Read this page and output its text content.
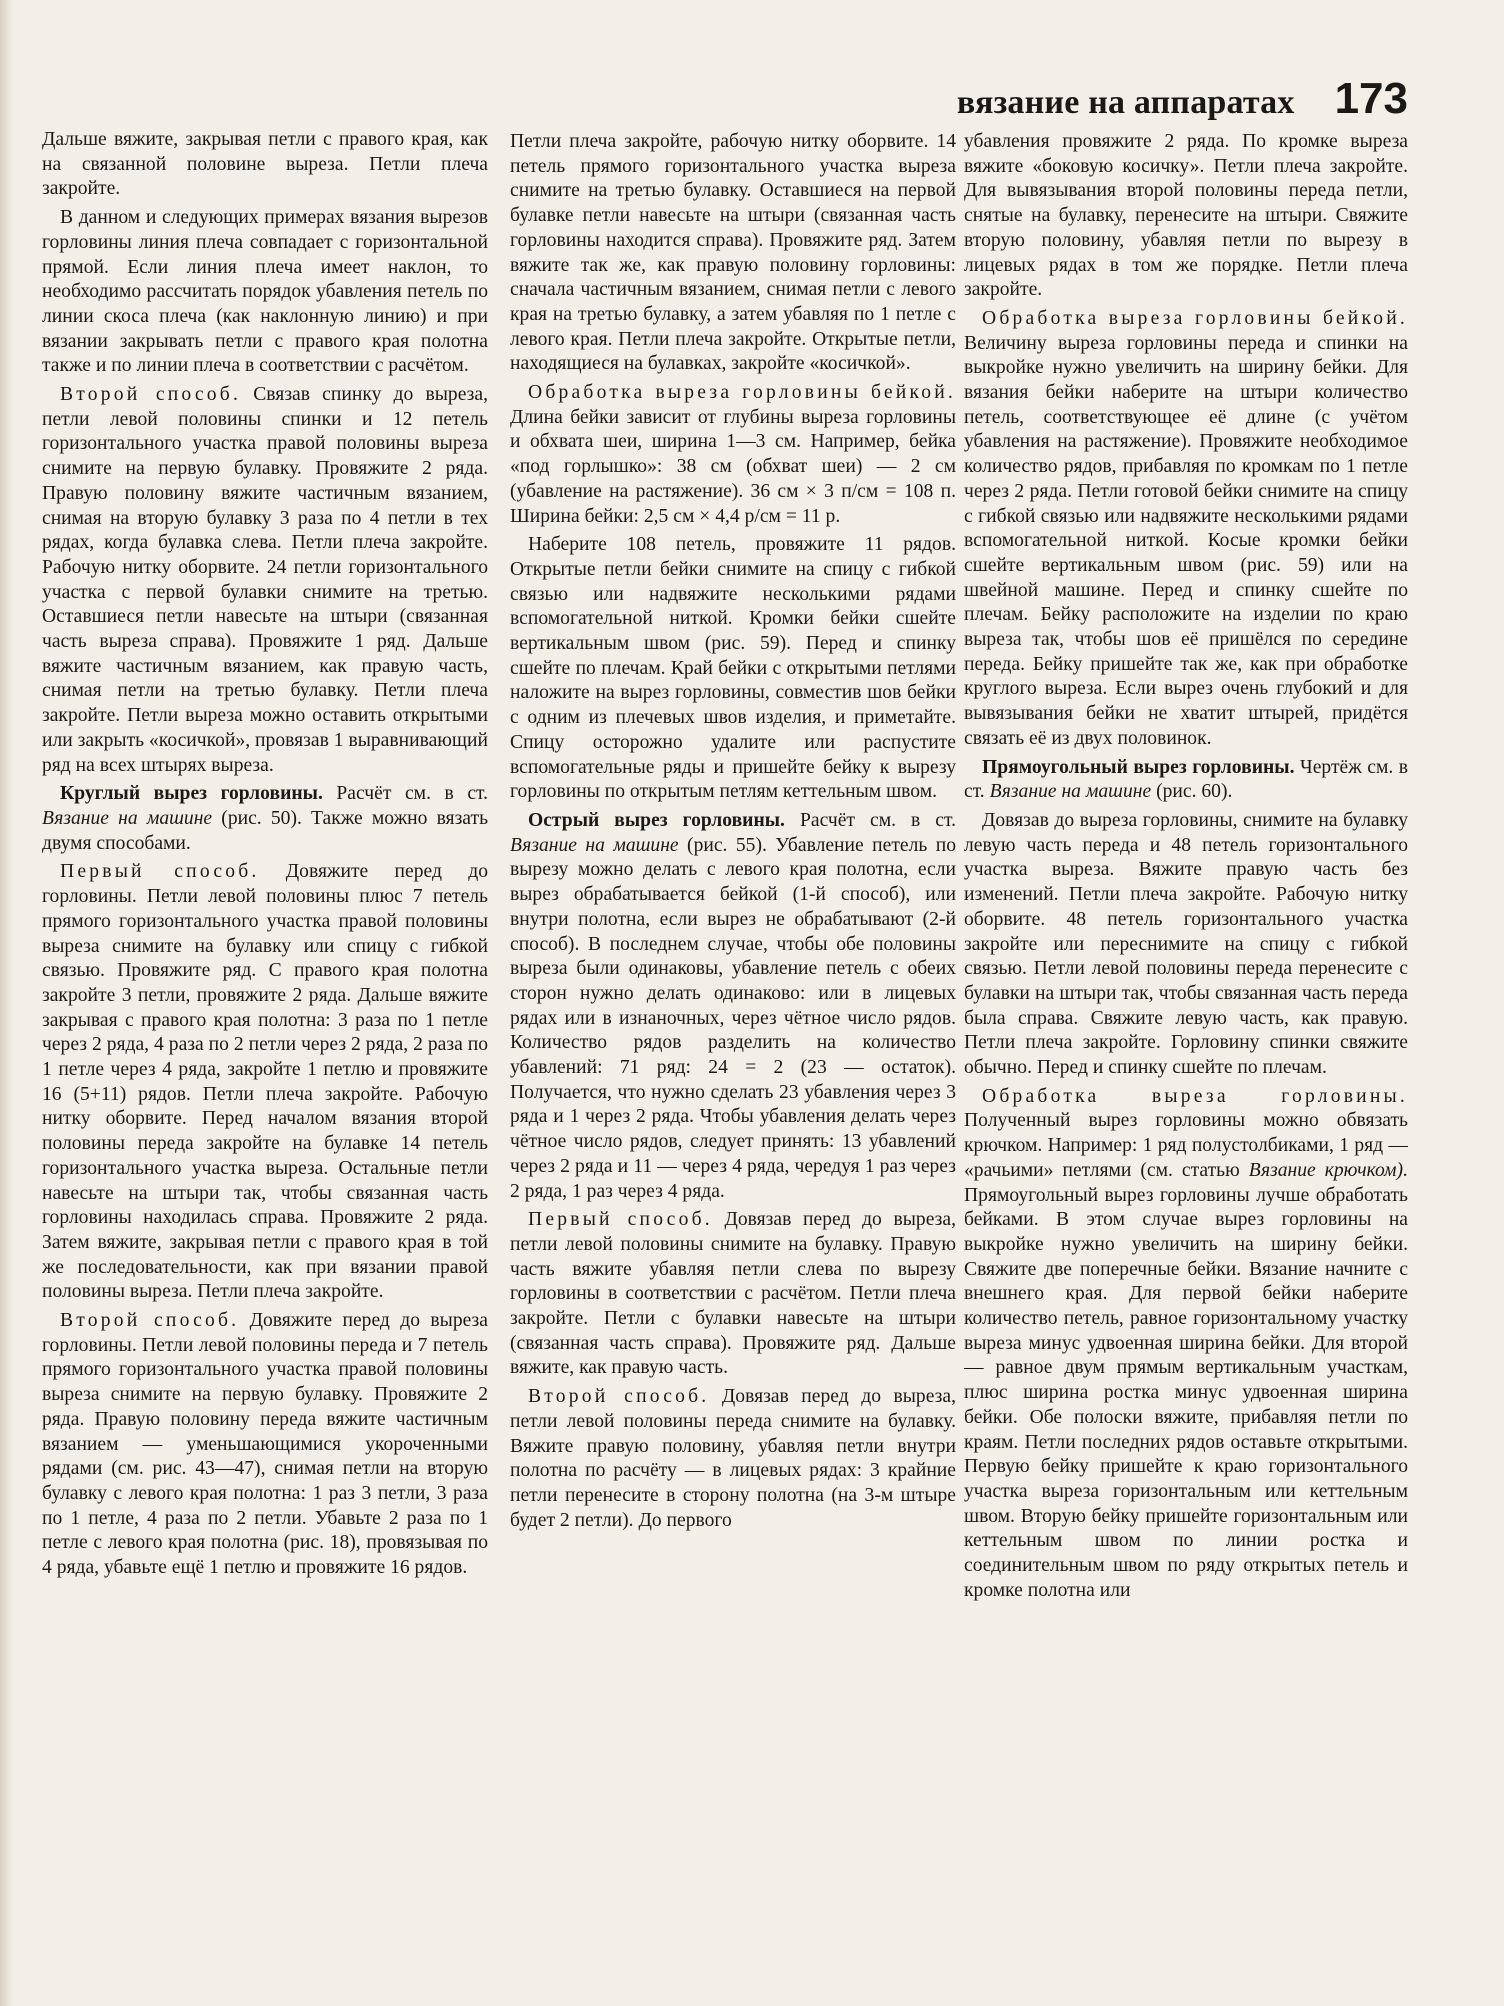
вязание на аппаратах 173

Дальше вяжите, закрывая петли с правого края, как на связанной половине выреза. Петли плеча закройте.

В данном и следующих примерах вязания вырезов горловины линия плеча совпадает с горизонтальной прямой. Если линия плеча имеет наклон, то необходимо рассчитать порядок убавления петель по линии скоса плеча (как наклонную линию) и при вязании закрывать петли с правого края полотна также и по линии плеча в соответствии с расчётом.

Второй способ. Связав спинку до выреза, петли левой половины спинки и 12 петель горизонтального участка правой половины выреза снимите на первую булавку. Провяжите 2 ряда. Правую половину вяжите частичным вязанием, снимая на вторую булавку 3 раза по 4 петли в тех рядах, когда булавка слева. Петли плеча закройте. Рабочую нитку оборвите. 24 петли горизонтального участка с первой булавки снимите на третью. Оставшиеся петли навесьте на штыри (связанная часть выреза справа). Провяжите 1 ряд. Дальше вяжите частичным вязанием, как правую часть, снимая петли на третью булавку. Петли плеча закройте. Петли выреза можно оставить открытыми или закрыть «косичкой», провязав 1 выравнивающий ряд на всех штырях выреза.

Круглый вырез горловины. Расчёт см. в ст. Вязание на машине (рис. 50). Также можно вязать двумя способами.

Первый способ. Довяжите перед до горловины. Петли левой половины плюс 7 петель прямого горизонтального участка правой половины выреза снимите на булавку или спицу с гибкой связью. Провяжите ряд. С правого края полотна закройте 3 петли, провяжите 2 ряда. Дальше вяжите закрывая с правого края полотна: 3 раза по 1 петле через 2 ряда, 4 раза по 2 петли через 2 ряда, 2 раза по 1 петле через 4 ряда, закройте 1 петлю и провяжите 16 (5+11) рядов. Петли плеча закройте. Рабочую нитку оборвите. Перед началом вязания второй половины переда закройте на булавке 14 петель горизонтального участка выреза. Остальные петли навесьте на штыри так, чтобы связанная часть горловины находилась справа. Провяжите 2 ряда. Затем вяжите, закрывая петли с правого края в той же последовательности, как при вязании правой половины выреза. Петли плеча закройте.

Второй способ. Довяжите перед до выреза горловины. Петли левой половины переда и 7 петель прямого горизонтального участка правой половины выреза снимите на первую булавку. Провяжите 2 ряда. Правую половину переда вяжите частичным вязанием — уменьшающимися укороченными рядами (см. рис. 43—47), снимая петли на вторую булавку с левого края полотна: 1 раз 3 петли, 3 раза по 1 петле, 4 раза по 2 петли. Убавьте 2 раза по 1 петле с левого края полотна (рис. 18), провязывая по 4 ряда, убавьте ещё 1 петлю и провяжите 16 рядов.

Петли плеча закройте, рабочую нитку оборвите. 14 петель прямого горизонтального участка выреза снимите на третью булавку. Оставшиеся на первой булавке петли навесьте на штыри (связанная часть горловины находится справа). Провяжите ряд. Затем вяжите так же, как правую половину горловины: сначала частичным вязанием, снимая петли с левого края на третью булавку, а затем убавляя по 1 петле с левого края. Петли плеча закройте. Открытые петли, находящиеся на булавках, закройте «косичкой».

Обработка выреза горловины бейкой. Длина бейки зависит от глубины выреза горловины и обхвата шеи, ширина 1—3 см. Например, бейка «под горлышко»: 38 см (обхват шеи) — 2 см (убавление на растяжение). 36 см × 3 п/см = 108 п. Ширина бейки: 2,5 см × 4,4 р/см = 11 р.

Наберите 108 петель, провяжите 11 рядов. Открытые петли бейки снимите на спицу с гибкой связью или надвяжите несколькими рядами вспомогательной ниткой. Кромки бейки сшейте вертикальным швом (рис. 59). Перед и спинку сшейте по плечам. Край бейки с открытыми петлями наложите на вырез горловины, совместив шов бейки с одним из плечевых швов изделия, и приметайте. Спицу осторожно удалите или распустите вспомогательные ряды и пришейте бейку к вырезу горловины по открытым петлям кеттельным швом.

Острый вырез горловины. Расчёт см. в ст. Вязание на машине (рис. 55). Убавление петель по вырезу можно делать с левого края полотна, если вырез обрабатывается бейкой (1-й способ), или внутри полотна, если вырез не обрабатывают (2-й способ). В последнем случае, чтобы обе половины выреза были одинаковы, убавление петель с обеих сторон нужно делать одинаково: или в лицевых рядах или в изнаночных, через чётное число рядов. Количество рядов разделить на количество убавлений: 71 ряд: 24 = 2 (23 — остаток). Получается, что нужно сделать 23 убавления через 3 ряда и 1 через 2 ряда. Чтобы убавления делать через чётное число рядов, следует принять: 13 убавлений через 2 ряда и 11 — через 4 ряда, чередуя 1 раз через 2 ряда, 1 раз через 4 ряда.

Первый способ. Довязав перед до выреза, петли левой половины снимите на булавку. Правую часть вяжите убавляя петли слева по вырезу горловины в соответствии с расчётом. Петли плеча закройте. Петли с булавки навесьте на штыри (связанная часть справа). Провяжите ряд. Дальше вяжите, как правую часть.

Второй способ. Довязав перед до выреза, петли левой половины переда снимите на булавку. Вяжите правую половину, убавляя петли внутри полотна по расчёту — в лицевых рядах: 3 крайние петли перенесите в сторону полотна (на 3-м штыре будет 2 петли). До первого

убавления провяжите 2 ряда. По кромке выреза вяжите «боковую косичку». Петли плеча закройте. Для вывязывания второй половины переда петли, снятые на булавку, перенесите на штыри. Свяжите вторую половину, убавляя петли по вырезу в лицевых рядах в том же порядке. Петли плеча закройте.

Обработка выреза горловины бейкой. Величину выреза горловины переда и спинки на выкройке нужно увеличить на ширину бейки. Для вязания бейки наберите на штыри количество петель, соответствующее её длине (с учётом убавления на растяжение). Провяжите необходимое количество рядов, прибавляя по кромкам по 1 петле через 2 ряда. Петли готовой бейки снимите на спицу с гибкой связью или надвяжите несколькими рядами вспомогательной ниткой. Косые кромки бейки сшейте вертикальным швом (рис. 59) или на швейной машине. Перед и спинку сшейте по плечам. Бейку расположите на изделии по краю выреза так, чтобы шов её пришёлся по середине переда. Бейку пришейте так же, как при обработке круглого выреза. Если вырез очень глубокий и для вывязывания бейки не хватит штырей, придётся связать её из двух половинок.

Прямоугольный вырез горловины. Чертёж см. в ст. Вязание на машине (рис. 60).

Довязав до выреза горловины, снимите на булавку левую часть переда и 48 петель горизонтального участка выреза. Вяжите правую часть без изменений. Петли плеча закройте. Рабочую нитку оборвите. 48 петель горизонтального участка закройте или переснимите на спицу с гибкой связью. Петли левой половины переда перенесите с булавки на штыри так, чтобы связанная часть переда была справа. Свяжите левую часть, как правую. Петли плеча закройте. Горловину спинки свяжите обычно. Перед и спинку сшейте по плечам.

Обработка выреза горловины. Полученный вырез горловины можно обвязать крючком. Например: 1 ряд полустолбиками, 1 ряд — «рачьими» петлями (см. статью Вязание крючком). Прямоугольный вырез горловины лучше обработать бейками. В этом случае вырез горловины на выкройке нужно увеличить на ширину бейки. Свяжите две поперечные бейки. Вязание начните с внешнего края. Для первой бейки наберите количество петель, равное горизонтальному участку выреза минус удвоенная ширина бейки. Для второй — равное двум прямым вертикальным участкам, плюс ширина ростка минус удвоенная ширина бейки. Обе полоски вяжите, прибавляя петли по краям. Петли последних рядов оставьте открытыми. Первую бейку пришейте к краю горизонтального участка выреза горизонтальным или кеттельным швом. Вторую бейку пришейте горизонтальным или кеттельным швом по линии ростка и соединительным швом по ряду открытых петель и кромке полотна или
